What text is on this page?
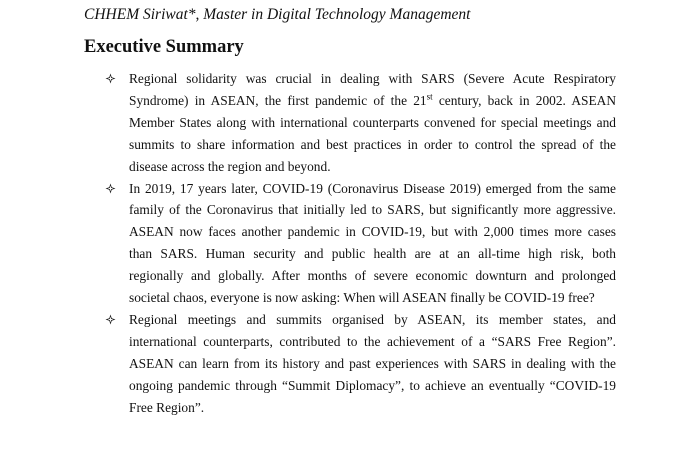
CHHEM Siriwat*, Master in Digital Technology Management
Executive Summary
Regional solidarity was crucial in dealing with SARS (Severe Acute Respiratory
Syndrome) in ASEAN, the first pandemic of the 21st century, back in 2002. ASEAN
Member States along with international counterparts convened for special meetings and
summits to share information and best practices in order to control the spread of the
disease across the region and beyond.
In 2019, 17 years later, COVID-19 (Coronavirus Disease 2019) emerged from the same
family of the Coronavirus that initially led to SARS, but significantly more aggressive.
ASEAN now faces another pandemic in COVID-19, but with 2,000 times more cases
than SARS. Human security and public health are at an all-time high risk, both
regionally and globally. After months of severe economic downturn and prolonged
societal chaos, everyone is now asking: When will ASEAN finally be COVID-19 free?
Regional meetings and summits organised by ASEAN, its member states, and
international counterparts, contributed to the achievement of a “SARS Free Region”.
ASEAN can learn from its history and past experiences with SARS in dealing with the
ongoing pandemic through “Summit Diplomacy”, to achieve an eventually “COVID-19
Free Region”.
